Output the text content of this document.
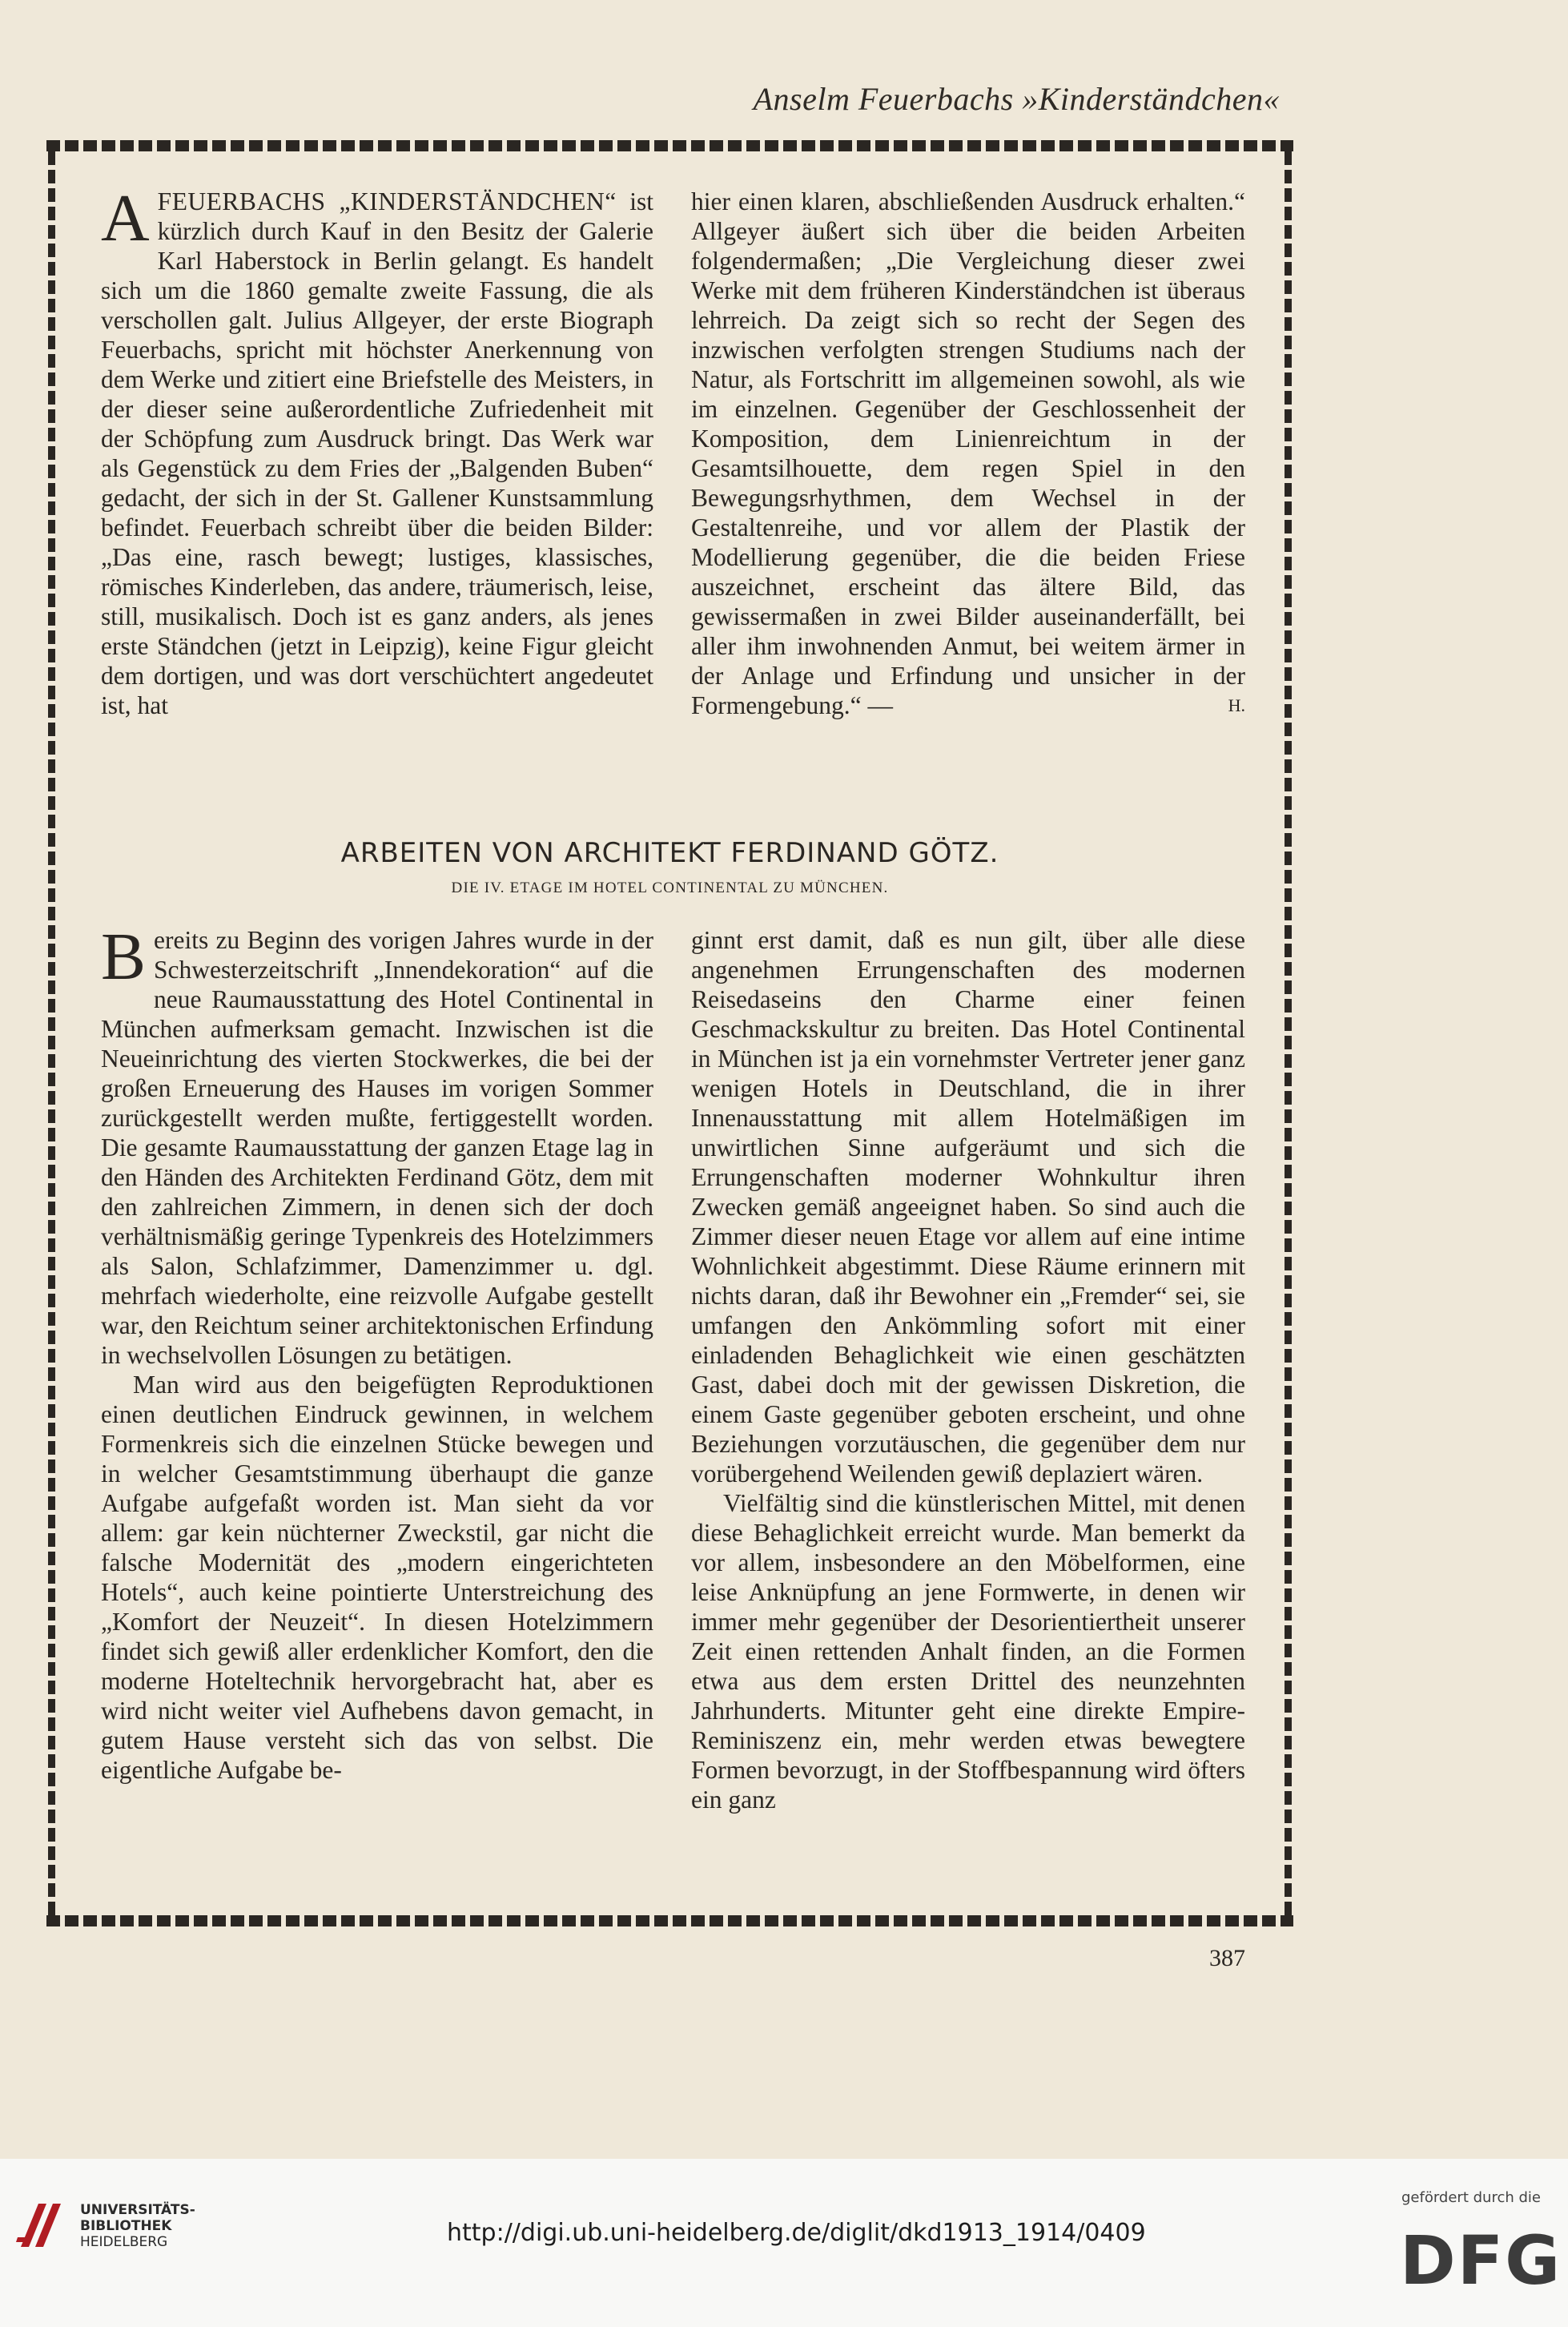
Anselm Feuerbachs »Kinderständchen«

A FEUERBACHS „KINDERSTÄNDCHEN“ ist kürzlich durch Kauf in den Besitz der Galerie Karl Haberstock in Berlin gelangt. Es handelt sich um die 1860 gemalte zweite Fassung, die als verschollen galt. Julius Allgeyer, der erste Biograph Feuerbachs, spricht mit höchster Anerkennung von dem Werke und zitiert eine Briefstelle des Meisters, in der dieser seine außerordentliche Zufriedenheit mit der Schöpfung zum Ausdruck bringt. Das Werk war als Gegenstück zu dem Fries der „Balgenden Buben“ gedacht, der sich in der St. Gallener Kunstsammlung befindet. Feuerbach schreibt über die beiden Bilder: „Das eine, rasch bewegt; lustiges, klassisches, römisches Kinderleben, das andere, träumerisch, leise, still, musikalisch. Doch ist es ganz anders, als jenes erste Ständchen (jetzt in Leipzig), keine Figur gleicht dem dortigen, und was dort verschüchtert angedeutet ist, hat

hier einen klaren, abschließenden Ausdruck erhalten.“ Allgeyer äußert sich über die beiden Arbeiten folgendermaßen; „Die Vergleichung dieser zwei Werke mit dem früheren Kinderständchen ist überaus lehrreich. Da zeigt sich so recht der Segen des inzwischen verfolgten strengen Studiums nach der Natur, als Fortschritt im allgemeinen sowohl, als wie im einzelnen. Gegenüber der Geschlossenheit der Komposition, dem Linienreichtum in der Gesamtsilhouette, dem regen Spiel in den Bewegungsrhythmen, dem Wechsel in der Gestaltenreihe, und vor allem der Plastik der Modellierung gegenüber, die die beiden Friese auszeichnet, erscheint das ältere Bild, das gewissermaßen in zwei Bilder auseinanderfällt, bei aller ihm inwohnenden Anmut, bei weitem ärmer in der Anlage und Erfindung und unsicher in der Formengebung.“ —	H.

B ereits zu Beginn des vorigen Jahres wurde in der Schwesterzeitschrift „Innendekoration“ auf die neue Raumausstattung des Hotel Continental in München aufmerksam gemacht. Inzwischen ist die Neueinrichtung des vierten Stockwerkes, die bei der großen Erneuerung des Hauses im vorigen Sommer zurückgestellt werden mußte, fertiggestellt worden. Die gesamte Raumausstattung der ganzen Etage lag in den Händen des Architekten Ferdinand Götz, dem mit den zahlreichen Zimmern, in denen sich der doch verhältnismäßig geringe Typenkreis des Hotelzimmers als Salon, Schlafzimmer, Damenzimmer u. dgl. mehrfach wiederholte, eine reizvolle Aufgabe gestellt war, den Reichtum seiner architektonischen Erfindung in wechselvollen Lösungen zu betätigen.

Man wird aus den beigefügten Reproduktionen einen deutlichen Eindruck gewinnen, in welchem Formenkreis sich die einzelnen Stücke bewegen und in welcher Gesamtstimmung überhaupt die ganze Aufgabe aufgefaßt worden ist. Man sieht da vor allem: gar kein nüchterner Zweckstil, gar nicht die falsche Modernität des „modern eingerichteten Hotels“, auch keine pointierte Unterstreichung des „Komfort der Neuzeit“. In diesen Hotelzimmern findet sich gewiß aller erdenklicher Komfort, den die moderne Hoteltechnik hervorgebracht hat, aber es wird nicht weiter viel Aufhebens davon gemacht, in gutem Hause versteht sich das von selbst. Die eigentliche Aufgabe be-

ginnt erst damit, daß es nun gilt, über alle diese angenehmen Errungenschaften des modernen Reisedaseins den Charme einer feinen Geschmackskultur zu breiten. Das Hotel Continental in München ist ja ein vornehmster Vertreter jener ganz wenigen Hotels in Deutschland, die in ihrer Innenausstattung mit allem Hotelmäßigen im unwirtlichen Sinne aufgeräumt und sich die Errungenschaften moderner Wohnkultur ihren Zwecken gemäß angeeignet haben. So sind auch die Zimmer dieser neuen Etage vor allem auf eine intime Wohnlichkeit abgestimmt. Diese Räume erinnern mit nichts daran, daß ihr Bewohner ein „Fremder“ sei, sie umfangen den Ankömmling sofort mit einer einladenden Behaglichkeit wie einen geschätzten Gast, dabei doch mit der gewissen Diskretion, die einem Gaste gegenüber geboten erscheint, und ohne Beziehungen vorzutäuschen, die gegenüber dem nur vorübergehend Weilenden gewiß deplaziert wären.

Vielfältig sind die künstlerischen Mittel, mit denen diese Behaglichkeit erreicht wurde. Man bemerkt da vor allem, insbesondere an den Möbelformen, eine leise Anknüpfung an jene Formwerte, in denen wir immer mehr gegenüber der Desorientiertheit unserer Zeit einen rettenden Anhalt finden, an die Formen etwa aus dem ersten Drittel des neunzehnten Jahrhunderts. Mitunter geht eine direkte Empire-Reminiszenz ein, mehr werden etwas bewegtere Formen bevorzugt, in der Stoffbespannung wird öfters ein ganz

ARBEITEN VON ARCHITEKT FERDINAND GÖTZ.
DIE IV. ETAGE IM HOTEL CONTINENTAL ZU MÜNCHEN.
387
UNIVERSITÄTS-
BIBLIOTHEK
HEIDELBERG	http://digi.ub.uni-heidelberg.de/diglit/dkd1913_1914/0409
gefördert durch die
DFG
